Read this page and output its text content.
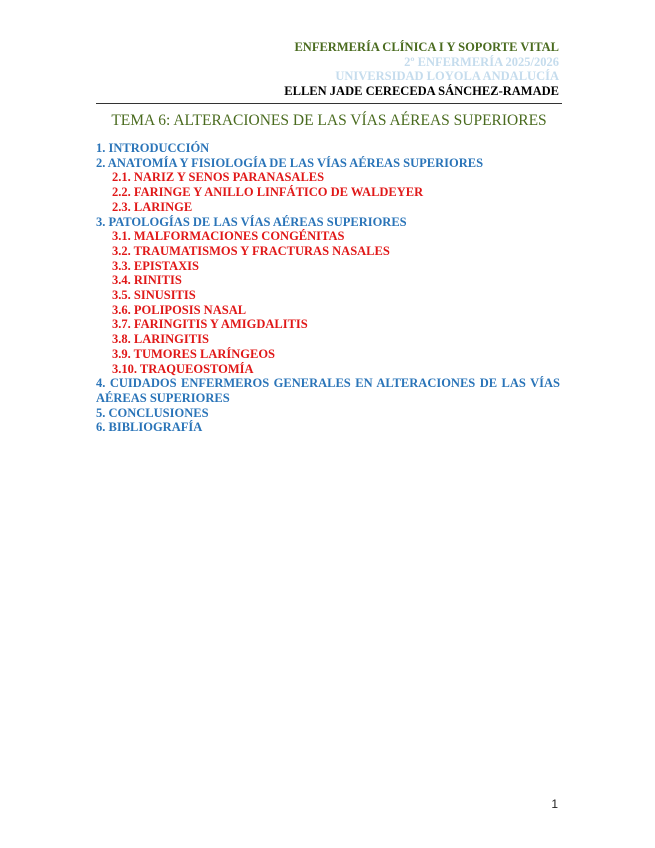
ENFERMERÍA CLÍNICA I Y SOPORTE VITAL
2º ENFERMERÍA 2025/2026
UNIVERSIDAD LOYOLA ANDALUCÍA
ELLEN JADE CERECEDA SÁNCHEZ-RAMADE
TEMA 6: ALTERACIONES DE LAS VÍAS AÉREAS SUPERIORES
1. INTRODUCCIÓN
2. ANATOMÍA Y FISIOLOGÍA DE LAS VÍAS AÉREAS SUPERIORES
2.1. NARIZ Y SENOS PARANASALES
2.2. FARINGE Y ANILLO LINFÁTICO DE WALDEYER
2.3. LARINGE
3. PATOLOGÍAS DE LAS VÍAS AÉREAS SUPERIORES
3.1. MALFORMACIONES CONGÉNITAS
3.2. TRAUMATISMOS Y FRACTURAS NASALES
3.3. EPISTAXIS
3.4. RINITIS
3.5. SINUSITIS
3.6. POLIPOSIS NASAL
3.7. FARINGITIS Y AMIGDALITIS
3.8. LARINGITIS
3.9. TUMORES LARÍNGEOS
3.10. TRAQUEOSTOMÍA
4. CUIDADOS ENFERMEROS GENERALES EN ALTERACIONES DE LAS VÍAS AÉREAS SUPERIORES
5. CONCLUSIONES
6. BIBLIOGRAFÍA
1
